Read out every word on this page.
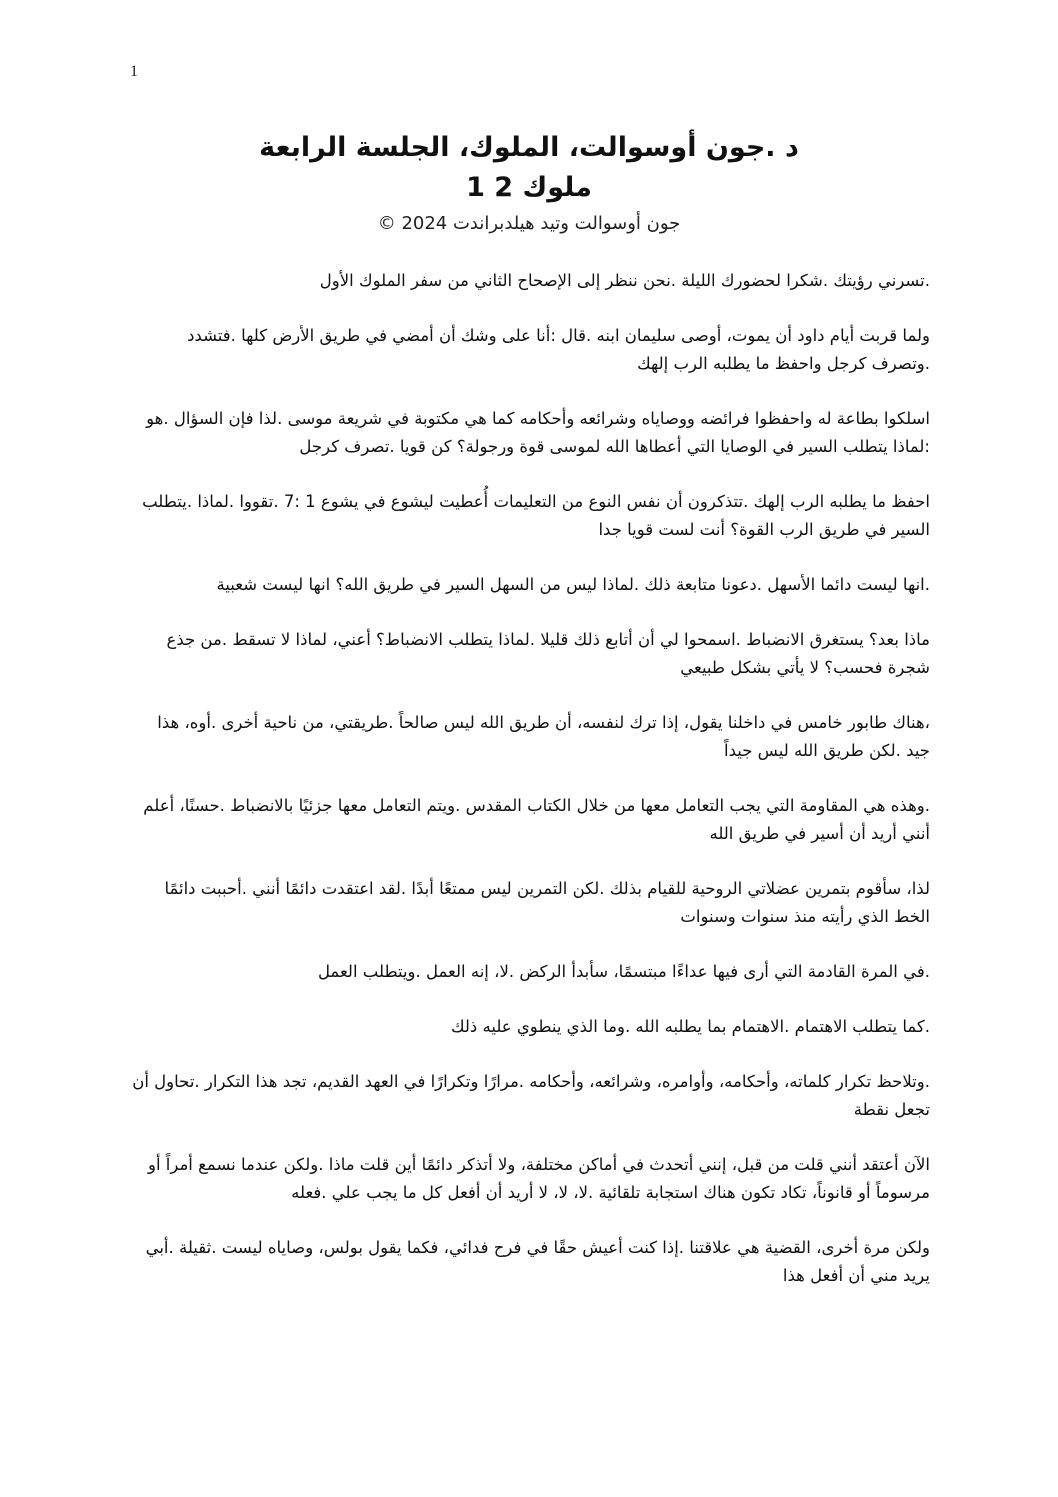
1

د .جون أوسوالت، الملوك، الجلسة الرابعة

ملوك 2 1

جون أوسوالت وتيد هيلدبراندت 2024 ©

.تسرني رؤيتك .شكرا لحضورك الليلة .نحن ننظر إلى الإصحاح الثاني من سفر الملوك الأول

ولما قربت أيام داود أن يموت، أوصى سليمان ابنه .قال :أنا على وشك أن أمضي في طريق الأرض كلها .فتشدد .وتصرف كرجل واحفظ ما يطلبه الرب إلهك

اسلكوا بطاعة له واحفظوا فرائضه ووصاياه وشرائعه وأحكامه كما هي مكتوبة في شريعة موسى .لذا فإن السؤال .هو :لماذا يتطلب السير في الوصايا التي أعطاها الله لموسى قوة ورجولة؟ كن قويا .تصرف كرجل

احفظ ما يطلبه الرب إلهك .تتذكرون أن نفس النوع من التعليمات أُعطيت ليشوع في يشوع 1 :7 .تقووا .لماذا .يتطلب السير في طريق الرب القوة؟ أنت لست قويا جدا

.انها ليست دائما الأسهل .دعونا متابعة ذلك .لماذا ليس من السهل السير في طريق الله؟ انها ليست شعبية

ماذا بعد؟ يستغرق الانضباط .اسمحوا لي أن أتابع ذلك قليلا .لماذا يتطلب الانضباط؟ أعني، لماذا لا تسقط .من جذع شجرة فحسب؟ لا يأتي بشكل طبيعي

،هناك طابور خامس في داخلنا يقول، إذا ترك لنفسه، أن طريق الله ليس صالحاً .طريقتي، من ناحية أخرى .أوه، هذا جيد .لكن طريق الله ليس جيداً

.وهذه هي المقاومة التي يجب التعامل معها من خلال الكتاب المقدس .ويتم التعامل معها جزئيًا بالانضباط .حسنًا، أعلم أنني أريد أن أسير في طريق الله

لذا، سأقوم بتمرين عضلاتي الروحية للقيام بذلك .لكن التمرين ليس ممتعًا أبدًا .لقد اعتقدت دائمًا أنني .أحببت دائمًا الخط الذي رأيته منذ سنوات وسنوات

.في المرة القادمة التي أرى فيها عداءًا مبتسمًا، سأبدأ الركض .لا، إنه العمل .ويتطلب العمل

.كما يتطلب الاهتمام .الاهتمام بما يطلبه الله .وما الذي ينطوي عليه ذلك

.وتلاحظ تكرار كلماته، وأحكامه، وأوامره، وشرائعه، وأحكامه .مرارًا وتكرارًا في العهد القديم، تجد هذا التكرار .تحاول أن تجعل نقطة

الآن أعتقد أنني قلت من قبل، إنني أتحدث في أماكن مختلفة، ولا أتذكر دائمًا أين قلت ماذا .ولكن عندما نسمع أمراً أو مرسوماً أو قانوناً، تكاد تكون هناك استجابة تلقائية .لا، لا، لا أريد أن أفعل كل ما يجب علي .فعله

ولكن مرة أخرى، القضية هي علاقتنا .إذا كنت أعيش حقًا في فرح فدائي، فكما يقول بولس، وصاياه ليست .ثقيلة .أبي يريد مني أن أفعل هذا
